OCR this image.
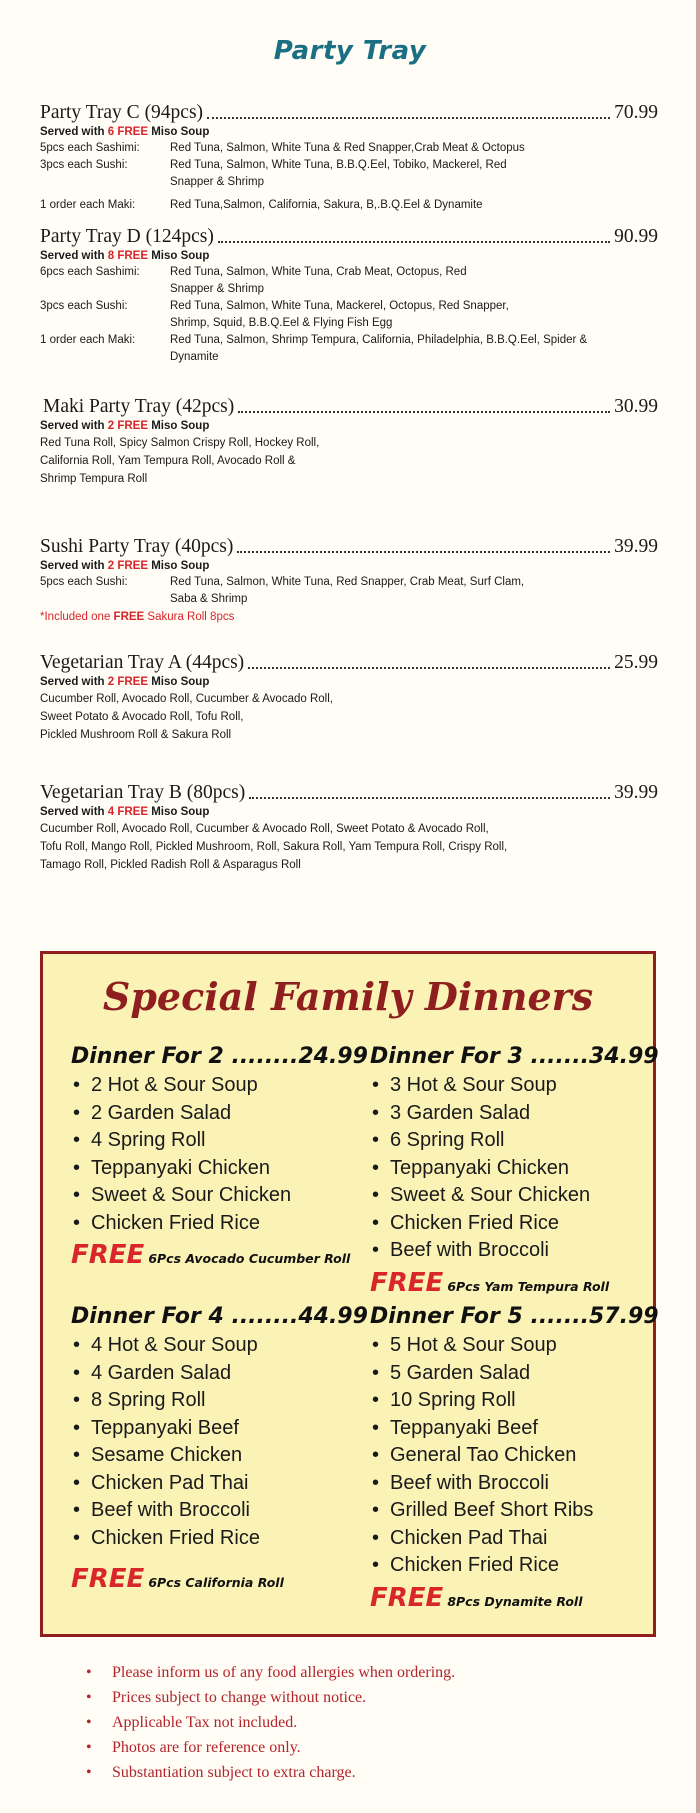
Party Tray
Party Tray C (94pcs)	70.99
Served with 6 FREE Miso Soup
5pcs each Sashimi:	Red Tuna, Salmon, White Tuna & Red Snapper,Crab Meat & Octopus
3pcs each Sushi:	Red Tuna, Salmon, White Tuna, B.B.Q.Eel, Tobiko, Mackerel, Red Snapper & Shrimp
1 order each Maki:	Red Tuna,Salmon, California, Sakura, B,.B.Q.Eel & Dynamite
Party Tray D (124pcs)	90.99
Served with 8 FREE Miso Soup
6pcs each Sashimi:	Red Tuna, Salmon, White Tuna, Crab Meat, Octopus, Red Snapper & Shrimp
3pcs each Sushi:	Red Tuna, Salmon, White Tuna, Mackerel, Octopus, Red Snapper, Shrimp, Squid, B.B.Q.Eel & Flying Fish Egg
1 order each Maki:	Red Tuna, Salmon, Shrimp Tempura, California, Philadelphia, B.B.Q.Eel, Spider & Dynamite
Maki Party Tray (42pcs)	30.99
Served with 2 FREE Miso Soup
Red Tuna Roll, Spicy Salmon Crispy Roll, Hockey Roll,
California Roll, Yam Tempura Roll, Avocado Roll &
Shrimp Tempura Roll
Sushi Party Tray (40pcs)	39.99
Served with 2 FREE Miso Soup
5pcs each Sushi:	Red Tuna, Salmon, White Tuna, Red Snapper, Crab Meat, Surf Clam, Saba & Shrimp
*Included one FREE Sakura Roll 8pcs
Vegetarian Tray A (44pcs)	25.99
Served with 2 FREE Miso Soup
Cucumber Roll, Avocado Roll, Cucumber & Avocado Roll,
Sweet Potato & Avocado Roll, Tofu Roll,
Pickled Mushroom Roll & Sakura Roll
Vegetarian Tray B (80pcs)	39.99
Served with 4 FREE Miso Soup
Cucumber Roll, Avocado Roll, Cucumber & Avocado Roll, Sweet Potato & Avocado Roll,
Tofu Roll, Mango Roll, Pickled Mushroom, Roll, Sakura Roll, Yam Tempura Roll, Crispy Roll,
Tamago Roll, Pickled Radish Roll & Asparagus Roll
Special Family Dinners
Dinner For 2 ........24.99
• 2 Hot & Sour Soup
• 2 Garden Salad
• 4 Spring Roll
• Teppanyaki Chicken
• Sweet & Sour Chicken
• Chicken Fried Rice
FREE 6Pcs Avocado Cucumber Roll
Dinner For 3 .......34.99
• 3 Hot & Sour Soup
• 3 Garden Salad
• 6 Spring Roll
• Teppanyaki Chicken
• Sweet & Sour Chicken
• Chicken Fried Rice
• Beef with Broccoli
FREE 6Pcs Yam Tempura Roll
Dinner For 4 ........44.99
• 4 Hot & Sour Soup
• 4 Garden Salad
• 8 Spring Roll
• Teppanyaki Beef
• Sesame Chicken
• Chicken Pad Thai
• Beef with Broccoli
• Chicken Fried Rice
FREE 6Pcs California Roll
Dinner For 5 .......57.99
• 5 Hot & Sour Soup
• 5 Garden Salad
• 10 Spring Roll
• Teppanyaki Beef
• General Tao Chicken
• Beef with Broccoli
• Grilled Beef Short Ribs
• Chicken Pad Thai
• Chicken Fried Rice
FREE 8Pcs Dynamite Roll
• Please inform us of any food allergies when ordering.
• Prices subject to change without notice.
• Applicable Tax not included.
• Photos are for reference only.
• Substantiation subject to extra charge.
